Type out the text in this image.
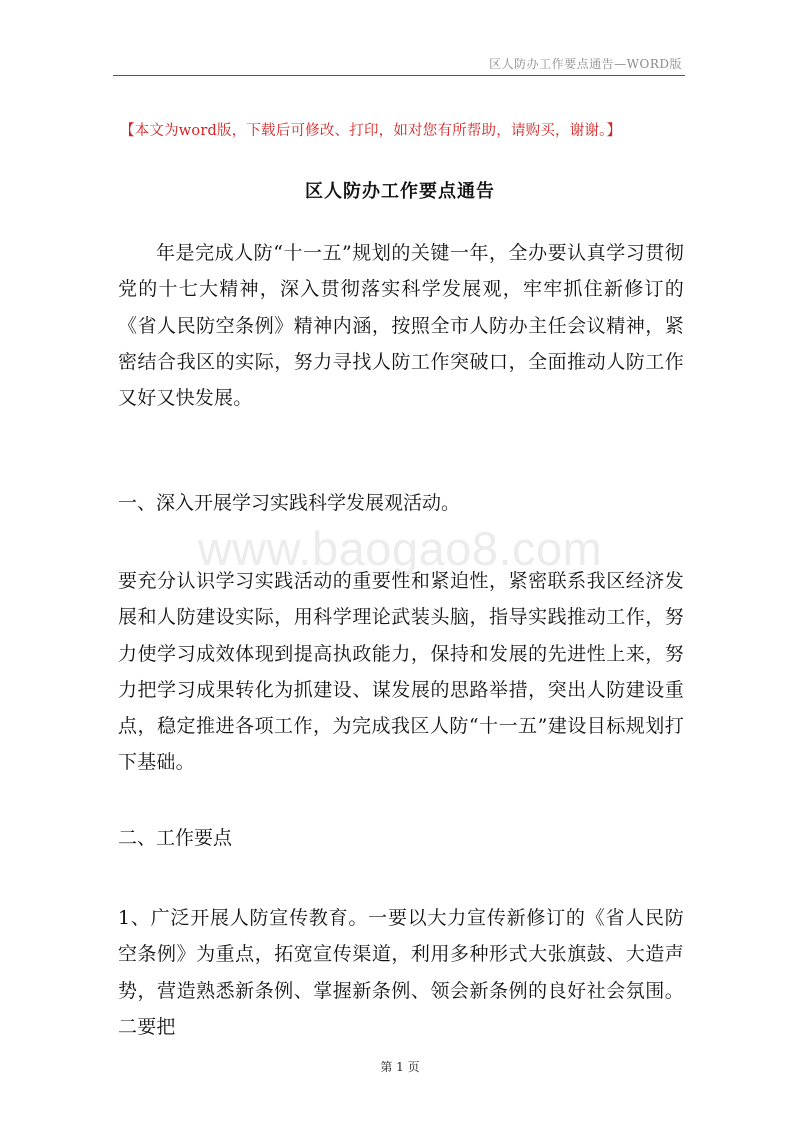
区人防办工作要点通告—WORD版
【本文为word版，下载后可修改、打印，如对您有所帮助，请购买，谢谢。】
区人防办工作要点通告
年是完成人防“十一五”规划的关键一年，全办要认真学习贯彻党的十七大精神，深入贯彻落实科学发展观，牢牢抓住新修订的《省人民防空条例》精神内涵，按照全市人防办主任会议精神，紧密结合我区的实际，努力寻找人防工作突破口，全面推动人防工作又好又快发展。
一、深入开展学习实践科学发展观活动。
www.baogao8.com
要充分认识学习实践活动的重要性和紧迫性，紧密联系我区经济发展和人防建设实际，用科学理论武装头脑，指导实践推动工作，努力使学习成效体现到提高执政能力，保持和发展的先进性上来，努力把学习成果转化为抓建设、谋发展的思路举措，突出人防建设重点，稳定推进各项工作，为完成我区人防“十一五”建设目标规划打下基础。
二、工作要点
1、广泛开展人防宣传教育。一要以大力宣传新修订的《省人民防空条例》为重点，拓宽宣传渠道，利用多种形式大张旗鼓、大造声势，营造熟悉新条例、掌握新条例、领会新条例的良好社会氛围。二要把
第 1 页
